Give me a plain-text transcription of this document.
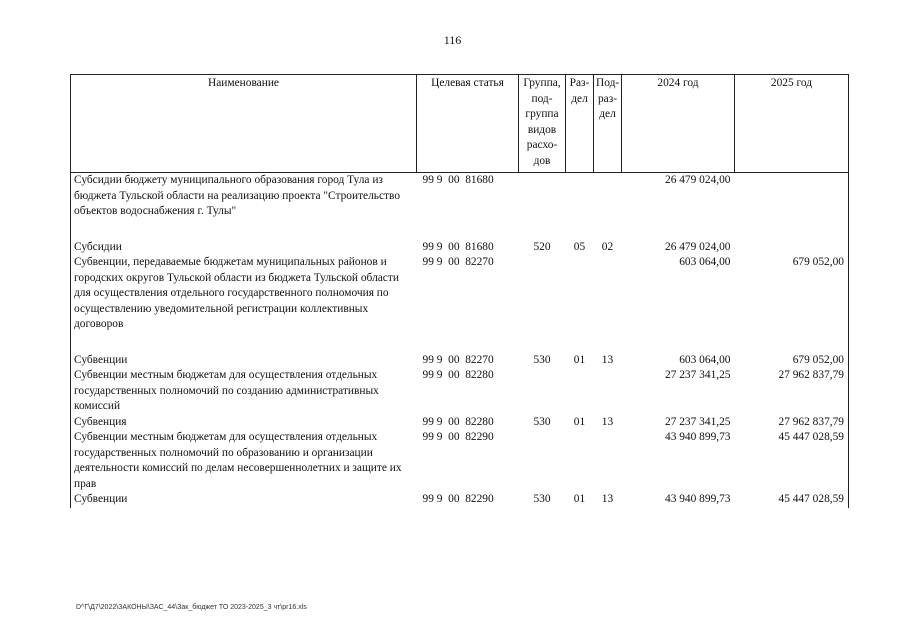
116
Наименование	Целевая статья	Группа, под-группа видов расхо-дов	Раз-дел	Под-раз-дел	2024 год	2025 год
Субсидии бюджету муниципального образования город Тула из бюджета Тульской области на реализацию проекта "Строительство объектов водоснабжения г. Тулы"	99 9  00  81680				26 479 024,00	
Субсидии	99 9  00  81680	520	05	02	26 479 024,00	
Субвенции, передаваемые бюджетам муниципальных районов и городских округов Тульской области из бюджета Тульской области для осуществления отдельного государственного полномочия по осуществлению уведомительной регистрации коллективных договоров	99 9  00  82270				603 064,00	679 052,00
Субвенции	99 9  00  82270	530	01	13	603 064,00	679 052,00
Субвенции местным бюджетам для осуществления отдельных государственных полномочий по созданию административных комиссий	99 9  00  82280				27 237 341,25	27 962 837,79
Субвенция	99 9  00  82280	530	01	13	27 237 341,25	27 962 837,79
Субвенции местным бюджетам для осуществления отдельных государственных полномочий по образованию и организации деятельности комиссий по делам несовершеннолетних и защите их прав	99 9  00  82290				43 940 899,73	45 447 028,59
Субвенции	99 9  00  82290	530	01	13	43 940 899,73	45 447 028,59
D^Г\Д7\2022\ЗАКОНЫ\ЗАС_44\Зак_бюджет ТО 2023-2025_3 чт\pr16.xls
